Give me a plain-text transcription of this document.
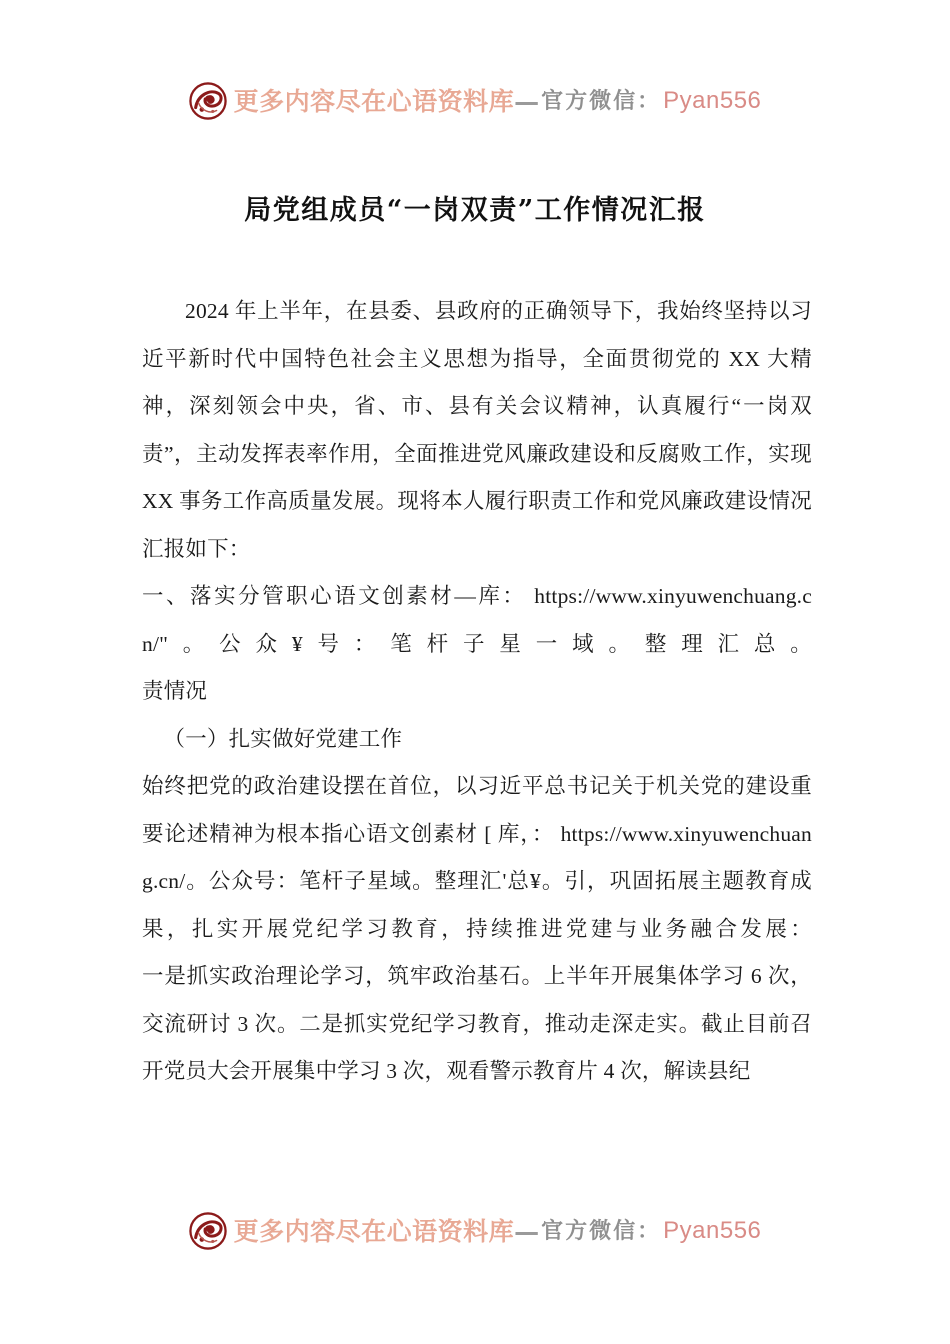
更多内容尽在心语资料库 — 官方微信： Pyan556
局党组成员“一岗双责”工作情况汇报

2024 年上半年，在县委、县政府的正确领导下，我始终坚持以习近平新时代中国特色社会主义思想为指导，全面贯彻党的 XX 大精神，深刻领会中央，省、市、县有关会议精神，认真履行“一岗双责”，主动发挥表率作用，全面推进党风廉政建设和反腐败工作，实现 XX 事务工作高质量发展。现将本人履行职责工作和党风廉政建设情况汇报如下：

一、落实分管职心语文创素材—库： https://www.xinyuwenchuang.cn/"。公众¥号：笔杆子星一域。整理汇总。

责情况

（一）扎实做好党建工作

始终把党的政治建设摆在首位，以习近平总书记关于机关党的建设重要论述精神为根本指心语文创素材 [ 库，： https://www.xinyuwenchuang.cn/。公众号：笔杆子星域。整理汇'总¥。引，巩固拓展主题教育成果，扎实开展党纪学习教育，持续推进党建与业务融合发展：

一是抓实政治理论学习，筑牢政治基石。上半年开展集体学习 6 次，交流研讨 3 次。二是抓实党纪学习教育，推动走深走实。截止目前召开党员大会开展集中学习 3 次，观看警示教育片 4 次，解读县纪

更多内容尽在心语资料库 — 官方微信： Pyan556
